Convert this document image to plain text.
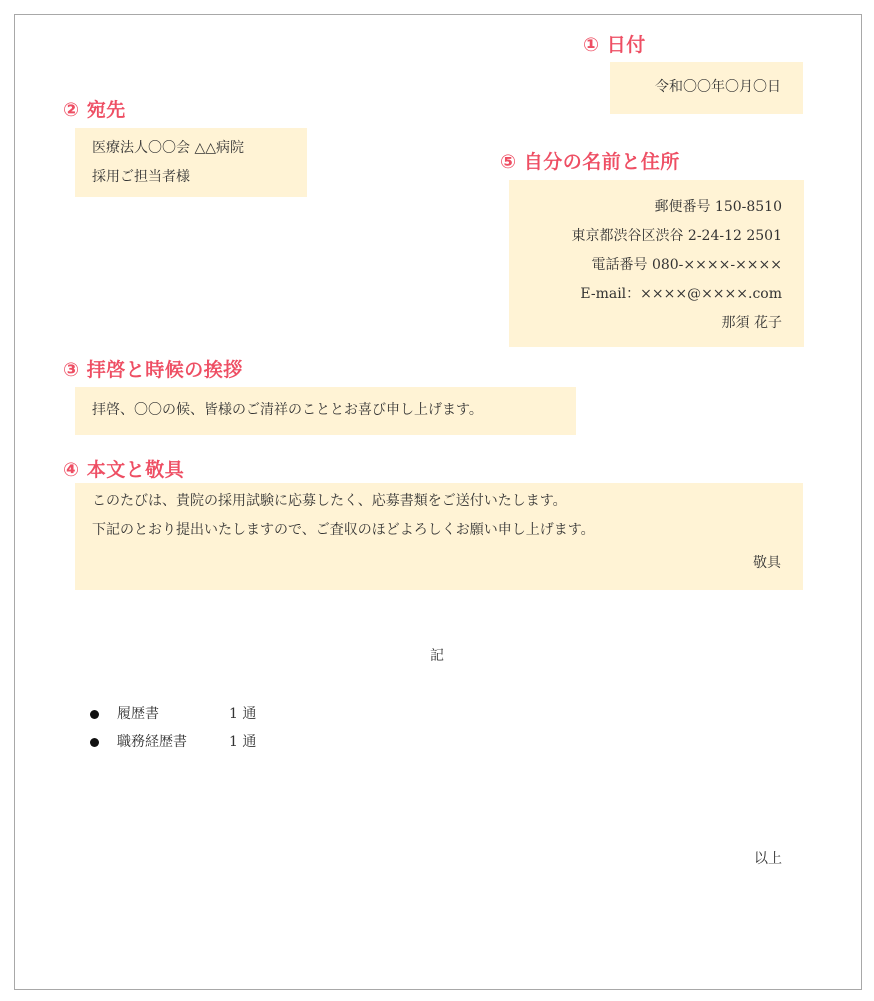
① 日付
令和〇〇年〇月〇日
② 宛先
医療法人〇〇会 △△病院
採用ご担当者様
⑤ 自分の名前と住所
郵便番号 150-8510
東京都渋谷区渋谷 2-24-12 2501
電話番号 080-××××-××××
E-mail：××××@××××.com
那須 花子
③ 拝啓と時候の挨拶
拝啓、〇〇の候、皆様のご清祥のこととお喜び申し上げます。
④ 本文と敬具
このたびは、貴院の採用試験に応募したく、応募書類をご送付いたします。
下記のとおり提出いたしますので、ご査収のほどよろしくお願い申し上げます。
敬具
記
履歴書	1 通
職務経歴書	1 通
以上
